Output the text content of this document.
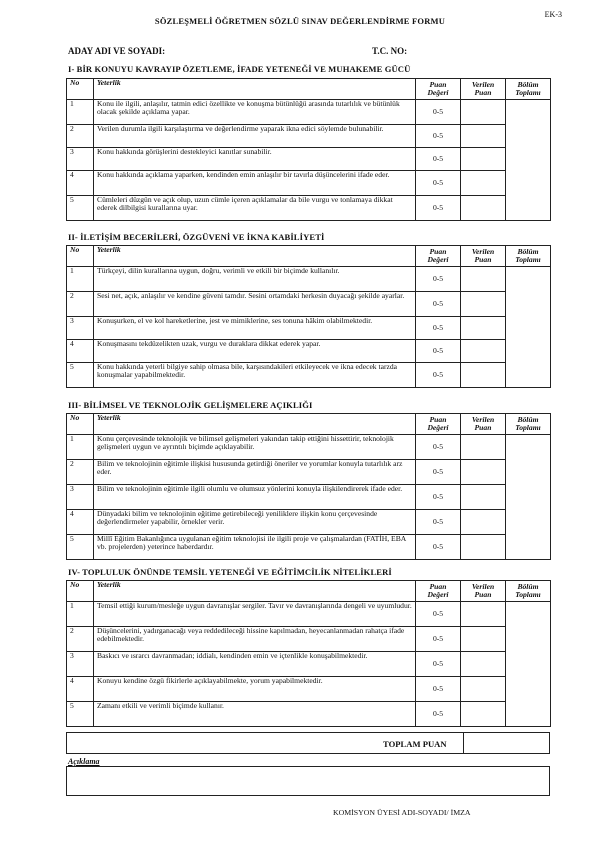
EK-3
SÖZLEŞMELİ ÖĞRETMEN SÖZLÜ SINAV DEĞERLENDİRME FORMU
ADAY ADI VE SOYADI:	T.C. NO:
I- BİR KONUYU KAVRAYIP ÖZETLEME, İFADE YETENEĞİ VE MUHAKEME GÜCÜ
No	Yeterlik	Puan Değeri	Verilen Puan	Bölüm Toplamı
1	Konu ile ilgili, anlaşılır, tatmin edici özellikte ve konuşma bütünlüğü arasında tutarlılık ve bütünlük olacak şekilde açıklama yapar.	0-5		
2	Verilen durumla ilgili karşılaştırma ve değerlendirme yaparak ikna edici söylemde bulunabilir.	0-5		
3	Konu hakkında görüşlerini destekleyici kanıtlar sunabilir.	0-5		
4	Konu hakkında açıklama yaparken, kendinden emin anlaşılır bir tavırla düşüncelerini ifade eder.	0-5		
5	Cümleleri düzgün ve açık olup, uzun cümle içeren açıklamalar da bile vurgu ve tonlamaya dikkat ederek dilbilgisi kurallarına uyar.	0-5		
II- İLETİŞİM BECERİLERİ, ÖZGÜVENİ VE İKNA KABİLİYETİ
No	Yeterlik	Puan Değeri	Verilen Puan	Bölüm Toplamı
1	Türkçeyi, dilin kurallarına uygun, doğru, verimli ve etkili bir biçimde kullanılır.	0-5		
2	Sesi net, açık, anlaşılır ve kendine güveni tamdır. Sesini ortamdaki herkesin duyacağı şekilde ayarlar.	0-5		
3	Konuşurken, el ve kol hareketlerine, jest ve mimiklerine, ses tonuna hâkim olabilmektedir.	0-5		
4	Konuşmasını tekdüzelikten uzak, vurgu ve duraklara dikkat ederek yapar.	0-5		
5	Konu hakkında yeterli bilgiye sahip olmasa bile, karşısındakileri etkileyecek ve ikna edecek tarzda konuşmalar yapabilmektedir.	0-5		
III- BİLİMSEL VE TEKNOLOJİK GELİŞMELERE AÇIKLIĞI
No	Yeterlik	Puan Değeri	Verilen Puan	Bölüm Toplamı
1	Konu çerçevesinde teknolojik ve bilimsel gelişmeleri yakından takip ettiğini hissettirir, teknolojik gelişmeleri uygun ve ayrıntılı biçimde açıklayabilir.	0-5		
2	Bilim ve teknolojinin eğitimle ilişkisi hususunda getirdiği öneriler ve yorumlar konuyla tutarlılık arz eder.	0-5		
3	Bilim ve teknolojinin eğitimle ilgili olumlu ve olumsuz yönlerini konuyla ilişkilendirerek ifade eder.	0-5		
4	Dünyadaki bilim ve teknolojinin eğitime getirebileceği yeniliklere ilişkin konu çerçevesinde değerlendirmeler yapabilir, örnekler verir.	0-5		
5	Millî Eğitim Bakanlığınca uygulanan eğitim teknolojisi ile ilgili proje ve çalışmalardan (FATİH, EBA vb. projelerden) yeterince haberdardır.	0-5		
IV- TOPLULUK ÖNÜNDE TEMSİL YETENEĞİ VE EĞİTİMCİLİK NİTELİKLERİ
No	Yeterlik	Puan Değeri	Verilen Puan	Bölüm Toplamı
1	Temsil ettiği kurum/mesleğe uygun davranışlar sergiler. Tavır ve davranışlarında dengeli ve uyumludur.	0-5		
2	Düşüncelerini, yadırganacağı veya reddedileceği hissine kapılmadan, heyecanlanmadan rahatça ifade edebilmektedir.	0-5		
3	Baskıcı ve ısrarcı davranmadan; iddialı, kendinden emin ve içtenlikle konuşabilmektedir.	0-5		
4	Konuyu kendine özgü fikirlerle açıklayabilmekte, yorum yapabilmektedir.	0-5		
5	Zamanı etkili ve verimli biçimde kullanır.	0-5		
TOPLAM PUAN
Açıklama
KOMİSYON ÜYESİ ADI-SOYADI/ İMZA
